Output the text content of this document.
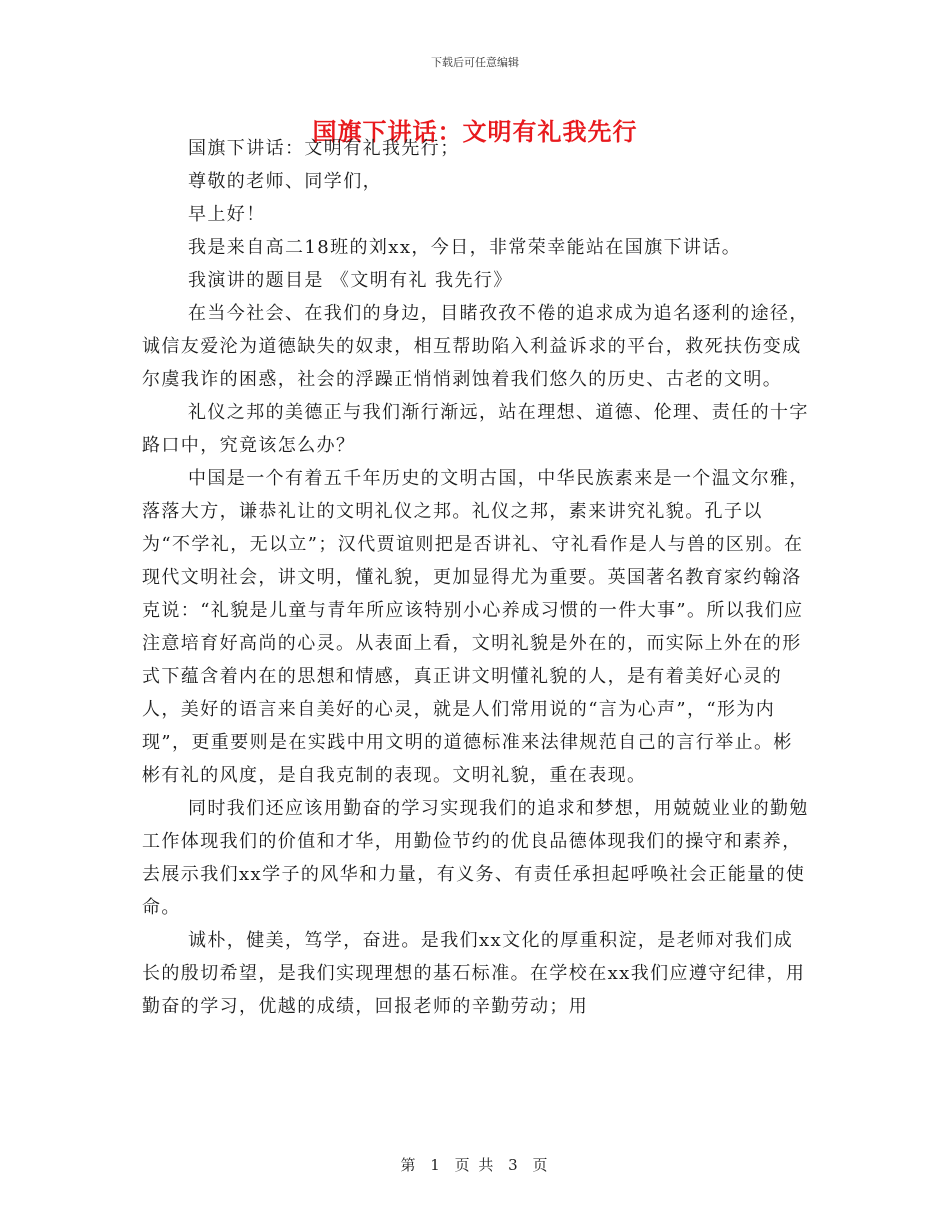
下载后可任意编辑
国旗下讲话：文明有礼我先行

国旗下讲话：文明有礼我先行；

尊敬的老师、同学们，

早上好！

我是来自高二18班的刘xx，今日，非常荣幸能站在国旗下讲话。

我演讲的题目是 《文明有礼 我先行》

在当今社会、在我们的身边，目睹孜孜不倦的追求成为追名逐利的途径，诚信友爱沦为道德缺失的奴隶，相互帮助陷入利益诉求的平台，救死扶伤变成尔虞我诈的困惑，社会的浮躁正悄悄剥蚀着我们悠久的历史、古老的文明。

礼仪之邦的美德正与我们渐行渐远，站在理想、道德、伦理、责任的十字路口中，究竟该怎么办？

中国是一个有着五千年历史的文明古国，中华民族素来是一个温文尔雅，落落大方，谦恭礼让的文明礼仪之邦。礼仪之邦，素来讲究礼貌。孔子以为“不学礼，无以立”；汉代贾谊则把是否讲礼、守礼看作是人与兽的区别。在现代文明社会，讲文明，懂礼貌，更加显得尤为重要。英国著名教育家约翰洛克说：“礼貌是儿童与青年所应该特别小心养成习惯的一件大事”。所以我们应注意培育好高尚的心灵。从表面上看，文明礼貌是外在的，而实际上外在的形式下蕴含着内在的思想和情感，真正讲文明懂礼貌的人，是有着美好心灵的人，美好的语言来自美好的心灵，就是人们常用说的“言为心声”，“形为内现”，更重要则是在实践中用文明的道德标准来法律规范自己的言行举止。彬彬有礼的风度，是自我克制的表现。文明礼貌，重在表现。

同时我们还应该用勤奋的学习实现我们的追求和梦想，用兢兢业业的勤勉工作体现我们的价值和才华，用勤俭节约的优良品德体现我们的操守和素养，去展示我们xx学子的风华和力量，有义务、有责任承担起呼唤社会正能量的使命。

诚朴，健美，笃学，奋进。是我们xx文化的厚重积淀，是老师对我们成长的殷切希望，是我们实现理想的基石标准。在学校在xx我们应遵守纪律，用勤奋的学习，优越的成绩，回报老师的辛勤劳动；用

第 1 页 共 3 页
